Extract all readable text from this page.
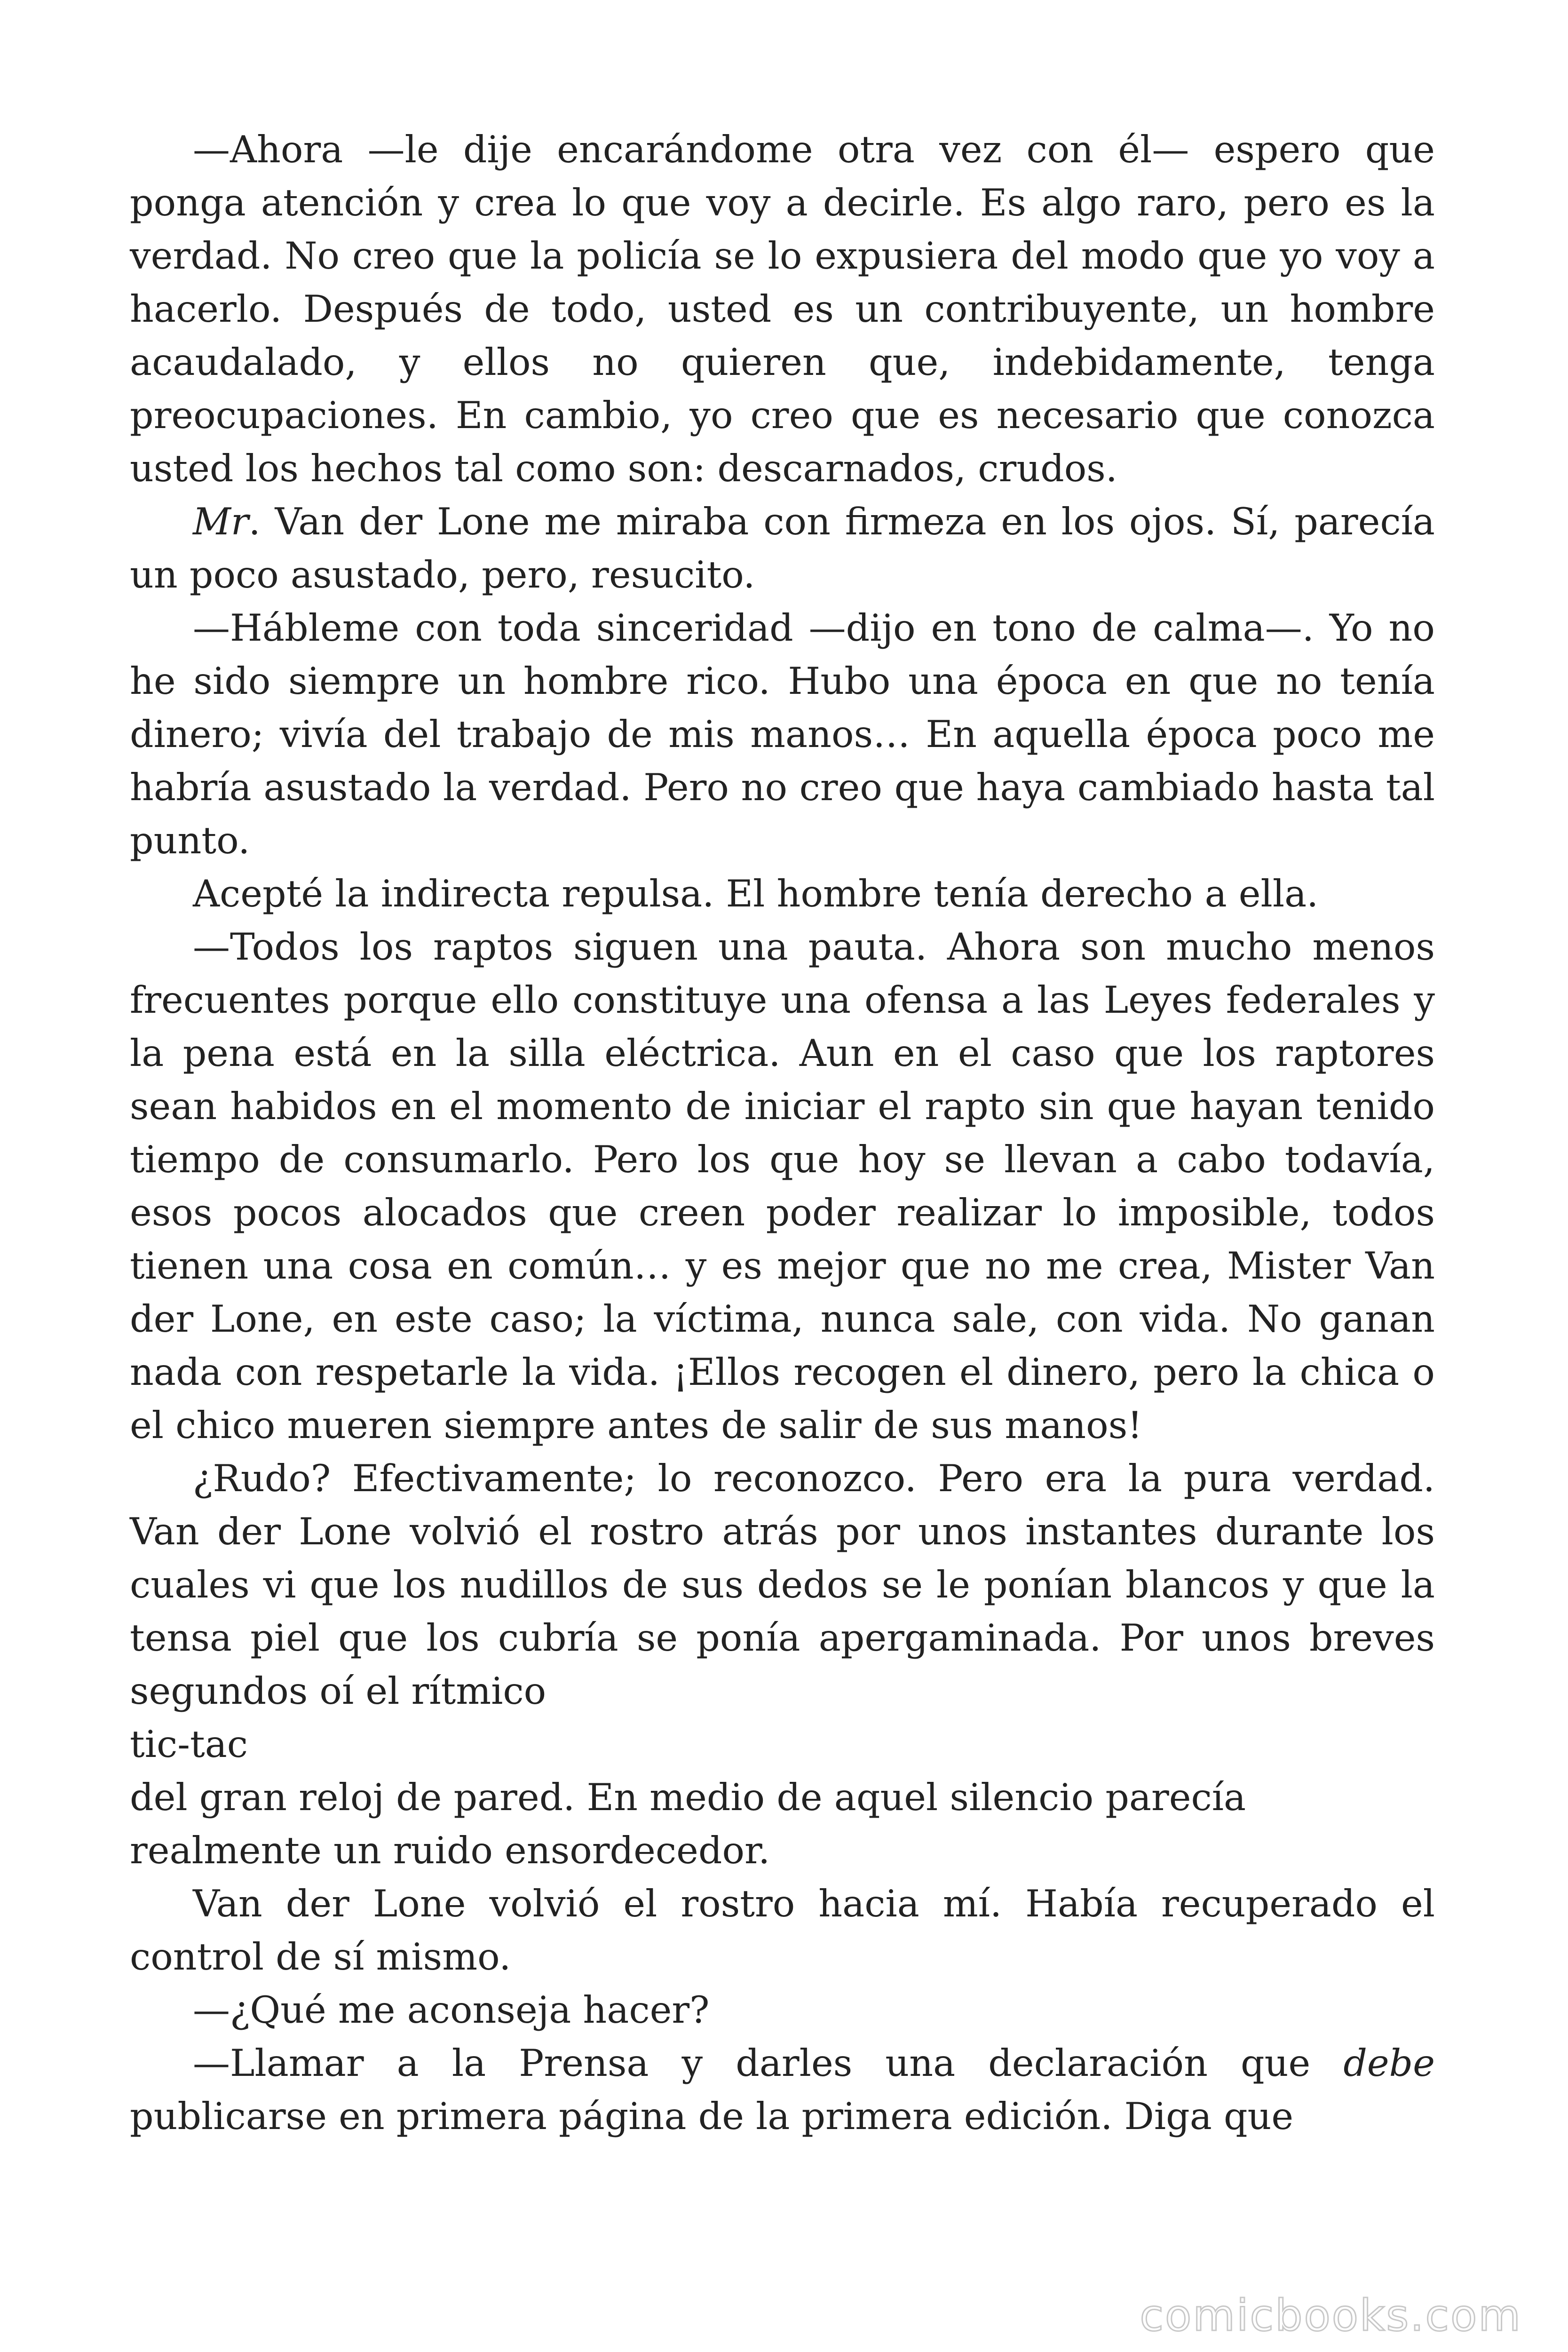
—Ahora —le dije encarándome otra vez con él— espero que ponga atención y crea lo que voy a decirle. Es algo raro, pero es la verdad. No creo que la policía se lo expusiera del modo que yo voy a hacerlo. Después de todo, usted es un contribuyente, un hombre acaudalado, y ellos no quieren que, indebidamente, tenga preocupaciones. En cambio, yo creo que es necesario que conozca usted los hechos tal como son: descarnados, crudos.

Mr. Van der Lone me miraba con firmeza en los ojos. Sí, parecía un poco asustado, pero, resucito.

—Hábleme con toda sinceridad —dijo en tono de calma—. Yo no he sido siempre un hombre rico. Hubo una época en que no tenía dinero; vivía del trabajo de mis manos… En aquella época poco me habría asustado la verdad. Pero no creo que haya cambiado hasta tal punto.

Acepté la indirecta repulsa. El hombre tenía derecho a ella.

—Todos los raptos siguen una pauta. Ahora son mucho menos frecuentes porque ello constituye una ofensa a las Leyes federales y la pena está en la silla eléctrica. Aun en el caso que los raptores sean habidos en el momento de iniciar el rapto sin que hayan tenido tiempo de consumarlo. Pero los que hoy se llevan a cabo todavía, esos pocos alocados que creen poder realizar lo imposible, todos tienen una cosa en común… y es mejor que no me crea, Mister Van der Lone, en este caso; la víctima, nunca sale, con vida. No ganan nada con respetarle la vida. ¡Ellos recogen el dinero, pero la chica o el chico mueren siempre antes de salir de sus manos!

¿Rudo? Efectivamente; lo reconozco. Pero era la pura verdad. Van der Lone volvió el rostro atrás por unos instantes durante los cuales vi que los nudillos de sus dedos se le ponían blancos y que la tensa piel que los cubría se ponía apergaminada. Por unos breves segundos oí el rítmico

tic-tac

del gran reloj de pared. En medio de aquel silencio parecía realmente un ruido ensordecedor.

Van der Lone volvió el rostro hacia mí. Había recuperado el control de sí mismo.

—¿Qué me aconseja hacer?

—Llamar a la Prensa y darles una declaración que debe publicarse en primera página de la primera edición. Diga que

comicbooks.com
